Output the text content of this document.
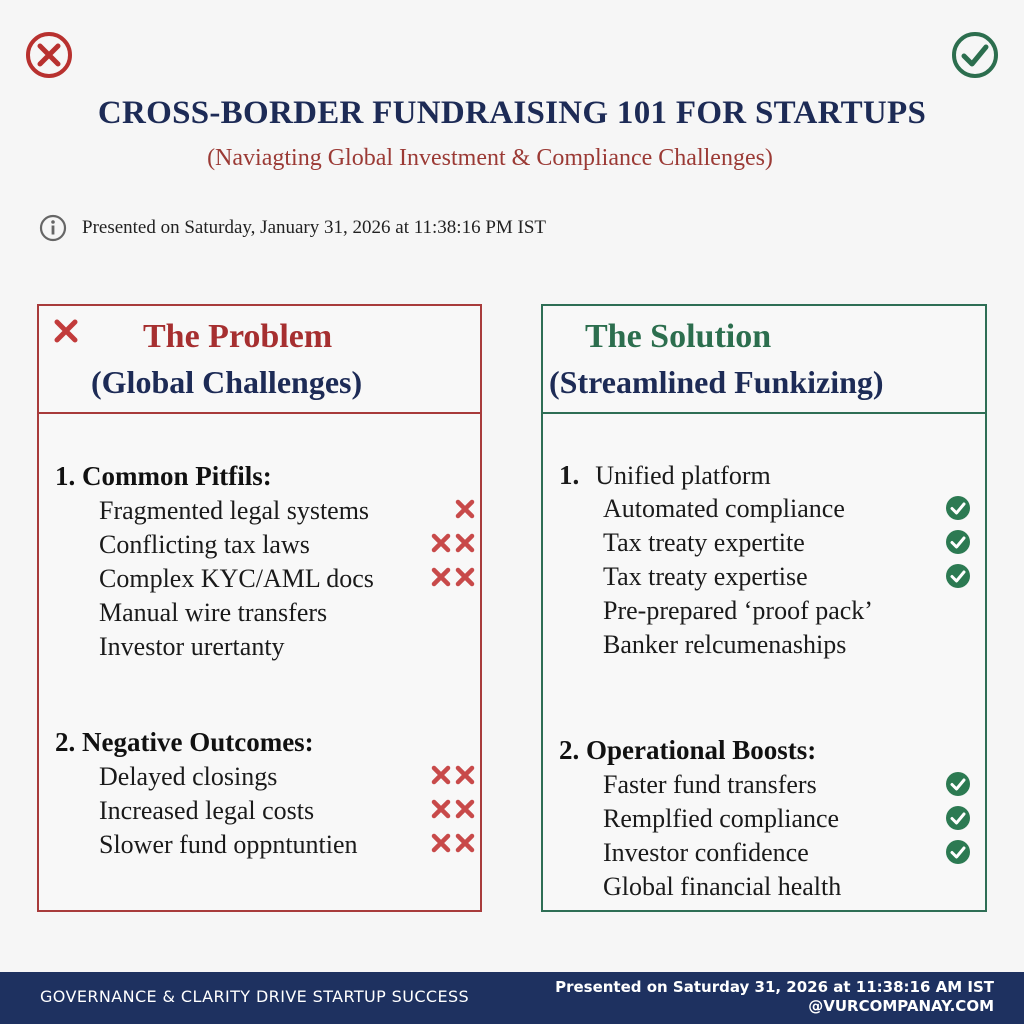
CROSS-BORDER FUNDRAISING 101 FOR STARTUPS
(Naviagting Global Investment & Compliance Challenges)
Presented on Saturday, January 31, 2026 at 11:38:16 PM IST
The Problem
(Global Challenges)
1. Common Pitfils:
Fragmented legal systems
Conflicting tax laws
Complex KYC/AML docs
Manual wire transfers
Investor urertanty
2. Negative Outcomes:
Delayed closings
Increased legal costs
Slower fund oppntuntien
The Solution
(Streamlined Funkizing)
1. Unified platform
Automated compliance
Tax treaty expertite
Tax treaty expertise
Pre-prepared ‘proof pack’
Banker relcumenaships
2. Operational Boosts:
Faster fund transfers
Remplfied compliance
Investor confidence
Global financial health
GOVERNANCE & CLARITY DRIVE STARTUP SUCCESS	Presented on Saturday 31, 2026 at 11:38:16 AM IST
@VURCOMPANAY.COM
